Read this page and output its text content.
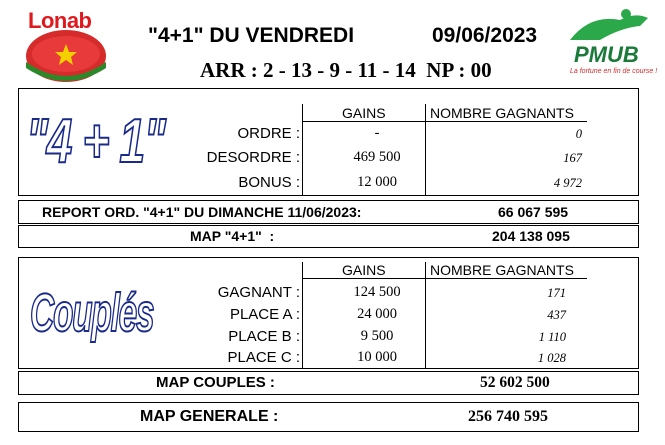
Lonab
PMUB
La fortune en fin de course !
"4+1" DU VENDREDI	09/06/2023
ARR : 2 - 13 - 9 - 11 - 14  NP : 00
"4 + 1"	GAINS	NOMBRE GAGNANTS
ORDRE :	-	0
DESORDRE :	469 500	167
BONUS :	12 000	4 972
REPORT ORD. "4+1" DU DIMANCHE 11/06/2023:	66 067 595
MAP "4+1"  :	204 138 095
Couplés
GAINS	NOMBRE GAGNANTS
GAGNANT :	124 500	171
PLACE A :	24 000	437
PLACE B :	9 500	1 110
PLACE C :	10 000	1 028
MAP COUPLES :	52 602 500
MAP GENERALE :	256 740 595
